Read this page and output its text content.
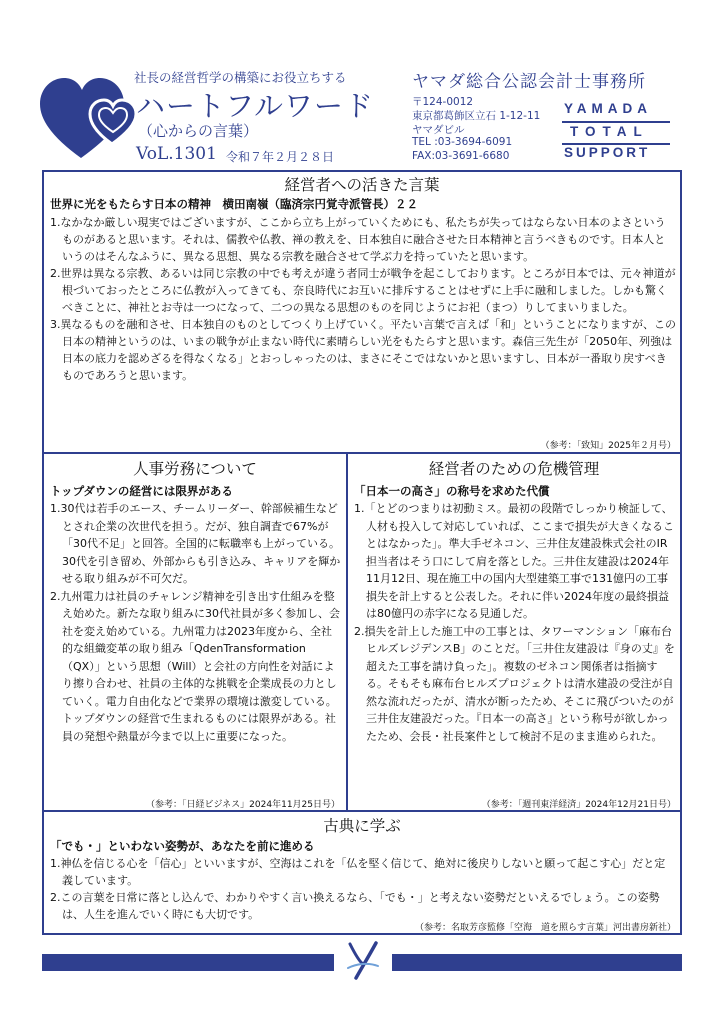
社長の経営哲学の構築にお役立ちする
ハートフルワード
（心からの言葉）
VoL.1301 令和７年２月２８日
ヤマダ総合公認会計士事務所
〒124-0012
東京都葛飾区立石 1-12-11
ヤマダビル
TEL :03-3694-6091
FAX:03-3691-6680
YAMADA
TOTAL
SUPPORT
経営者への活きた言葉
世界に光をもたらす日本の精神　横田南嶺（臨済宗円覚寺派管長）２２

1.なかなか厳しい現実ではございますが、ここから立ち上がっていくためにも、私たちが失ってはならない日本のよさというものがあると思います。それは、儒教や仏教、禅の教えを、日本独自に融合させた日本精神と言うべきものです。日本人というのはそんなふうに、異なる思想、異なる宗教を融合させて学ぶ力を持っていたと思います。

2.世界は異なる宗教、あるいは同じ宗教の中でも考えが違う者同士が戦争を起こしております。ところが日本では、元々神道が根づいておったところに仏教が入ってきても、奈良時代にお互いに排斥することはせずに上手に融和しました。しかも驚くべきことに、神社とお寺は一つになって、二つの異なる思想のものを同じようにお祀（まつ）りしてまいりました。

3.異なるものを融和させ、日本独自のものとしてつくり上げていく。平たい言葉で言えば「和」ということになりますが、この日本の精神というのは、いまの戦争が止まない時代に素晴らしい光をもたらすと思います。森信三先生が「2050年、列強は日本の底力を認めざるを得なくなる」とおっしゃったのは、まさにそこではないかと思いますし、日本が一番取り戻すべきものであろうと思います。

（参考：「致知」2025年２月号）
人事労務について
トップダウンの経営には限界がある

1.30代は若手のエース、チームリーダー、幹部候補生などとされ企業の次世代を担う。だが、独自調査で67%が「30代不足」と回答。全国的に転職率も上がっている。30代を引き留め、外部からも引き込み、キャリアを輝かせる取り組みが不可欠だ。

2.九州電力は社員のチャレンジ精神を引き出す仕組みを整え始めた。新たな取り組みに30代社員が多く参加し、会社を変え始めている。九州電力は2023年度から、全社的な組織変革の取り組み「QdenTransformation（QX）」という思想（Will）と会社の方向性を対話により擦り合わせ、社員の主体的な挑戦を企業成長の力としていく。電力自由化などで業界の環境は激変している。トップダウンの経営で生まれるものには限界がある。社員の発想や熱量が今まで以上に重要になった。

（参考：「日経ビジネス」2024年11月25日号）
経営者のための危機管理
「日本一の高さ」の称号を求めた代償

1.「とどのつまりは初動ミス。最初の段階でしっかり検証して、人材も投入して対応していれば、ここまで損失が大きくなることはなかった」。準大手ゼネコン、三井住友建設株式会社のIR担当者はそう口にして肩を落とした。三井住友建設は2024年11月12日、現在施工中の国内大型建築工事で131億円の工事損失を計上すると公表した。それに伴い2024年度の最終損益は80億円の赤字になる見通しだ。

2.損失を計上した施工中の工事とは、タワーマンション「麻布台ヒルズレジデンスB」のことだ。「三井住友建設は『身の丈』を超えた工事を請け負った」。複数のゼネコン関係者は指摘する。そもそも麻布台ヒルズプロジェクトは清水建設の受注が自然な流れだったが、清水が断ったため、そこに飛びついたのが三井住友建設だった。『日本一の高さ』という称号が欲しかったため、会長・社長案件として検討不足のまま進められた。

（参考：「週刊東洋経済」2024年12月21日号）
古典に学ぶ
「でも・」といわない姿勢が、あなたを前に進める

1.神仏を信じる心を「信心」といいますが、空海はこれを「仏を堅く信じて、絶対に後戻りしないと願って起こす心」だと定義しています。

2.この言葉を日常に落とし込んで、わかりやすく言い換えるなら、「でも・」と考えない姿勢だといえるでしょう。この姿勢は、人生を進んでいく時にも大切です。

（参考：名取芳彦監修「空海　道を照らす言葉」河出書房新社）
